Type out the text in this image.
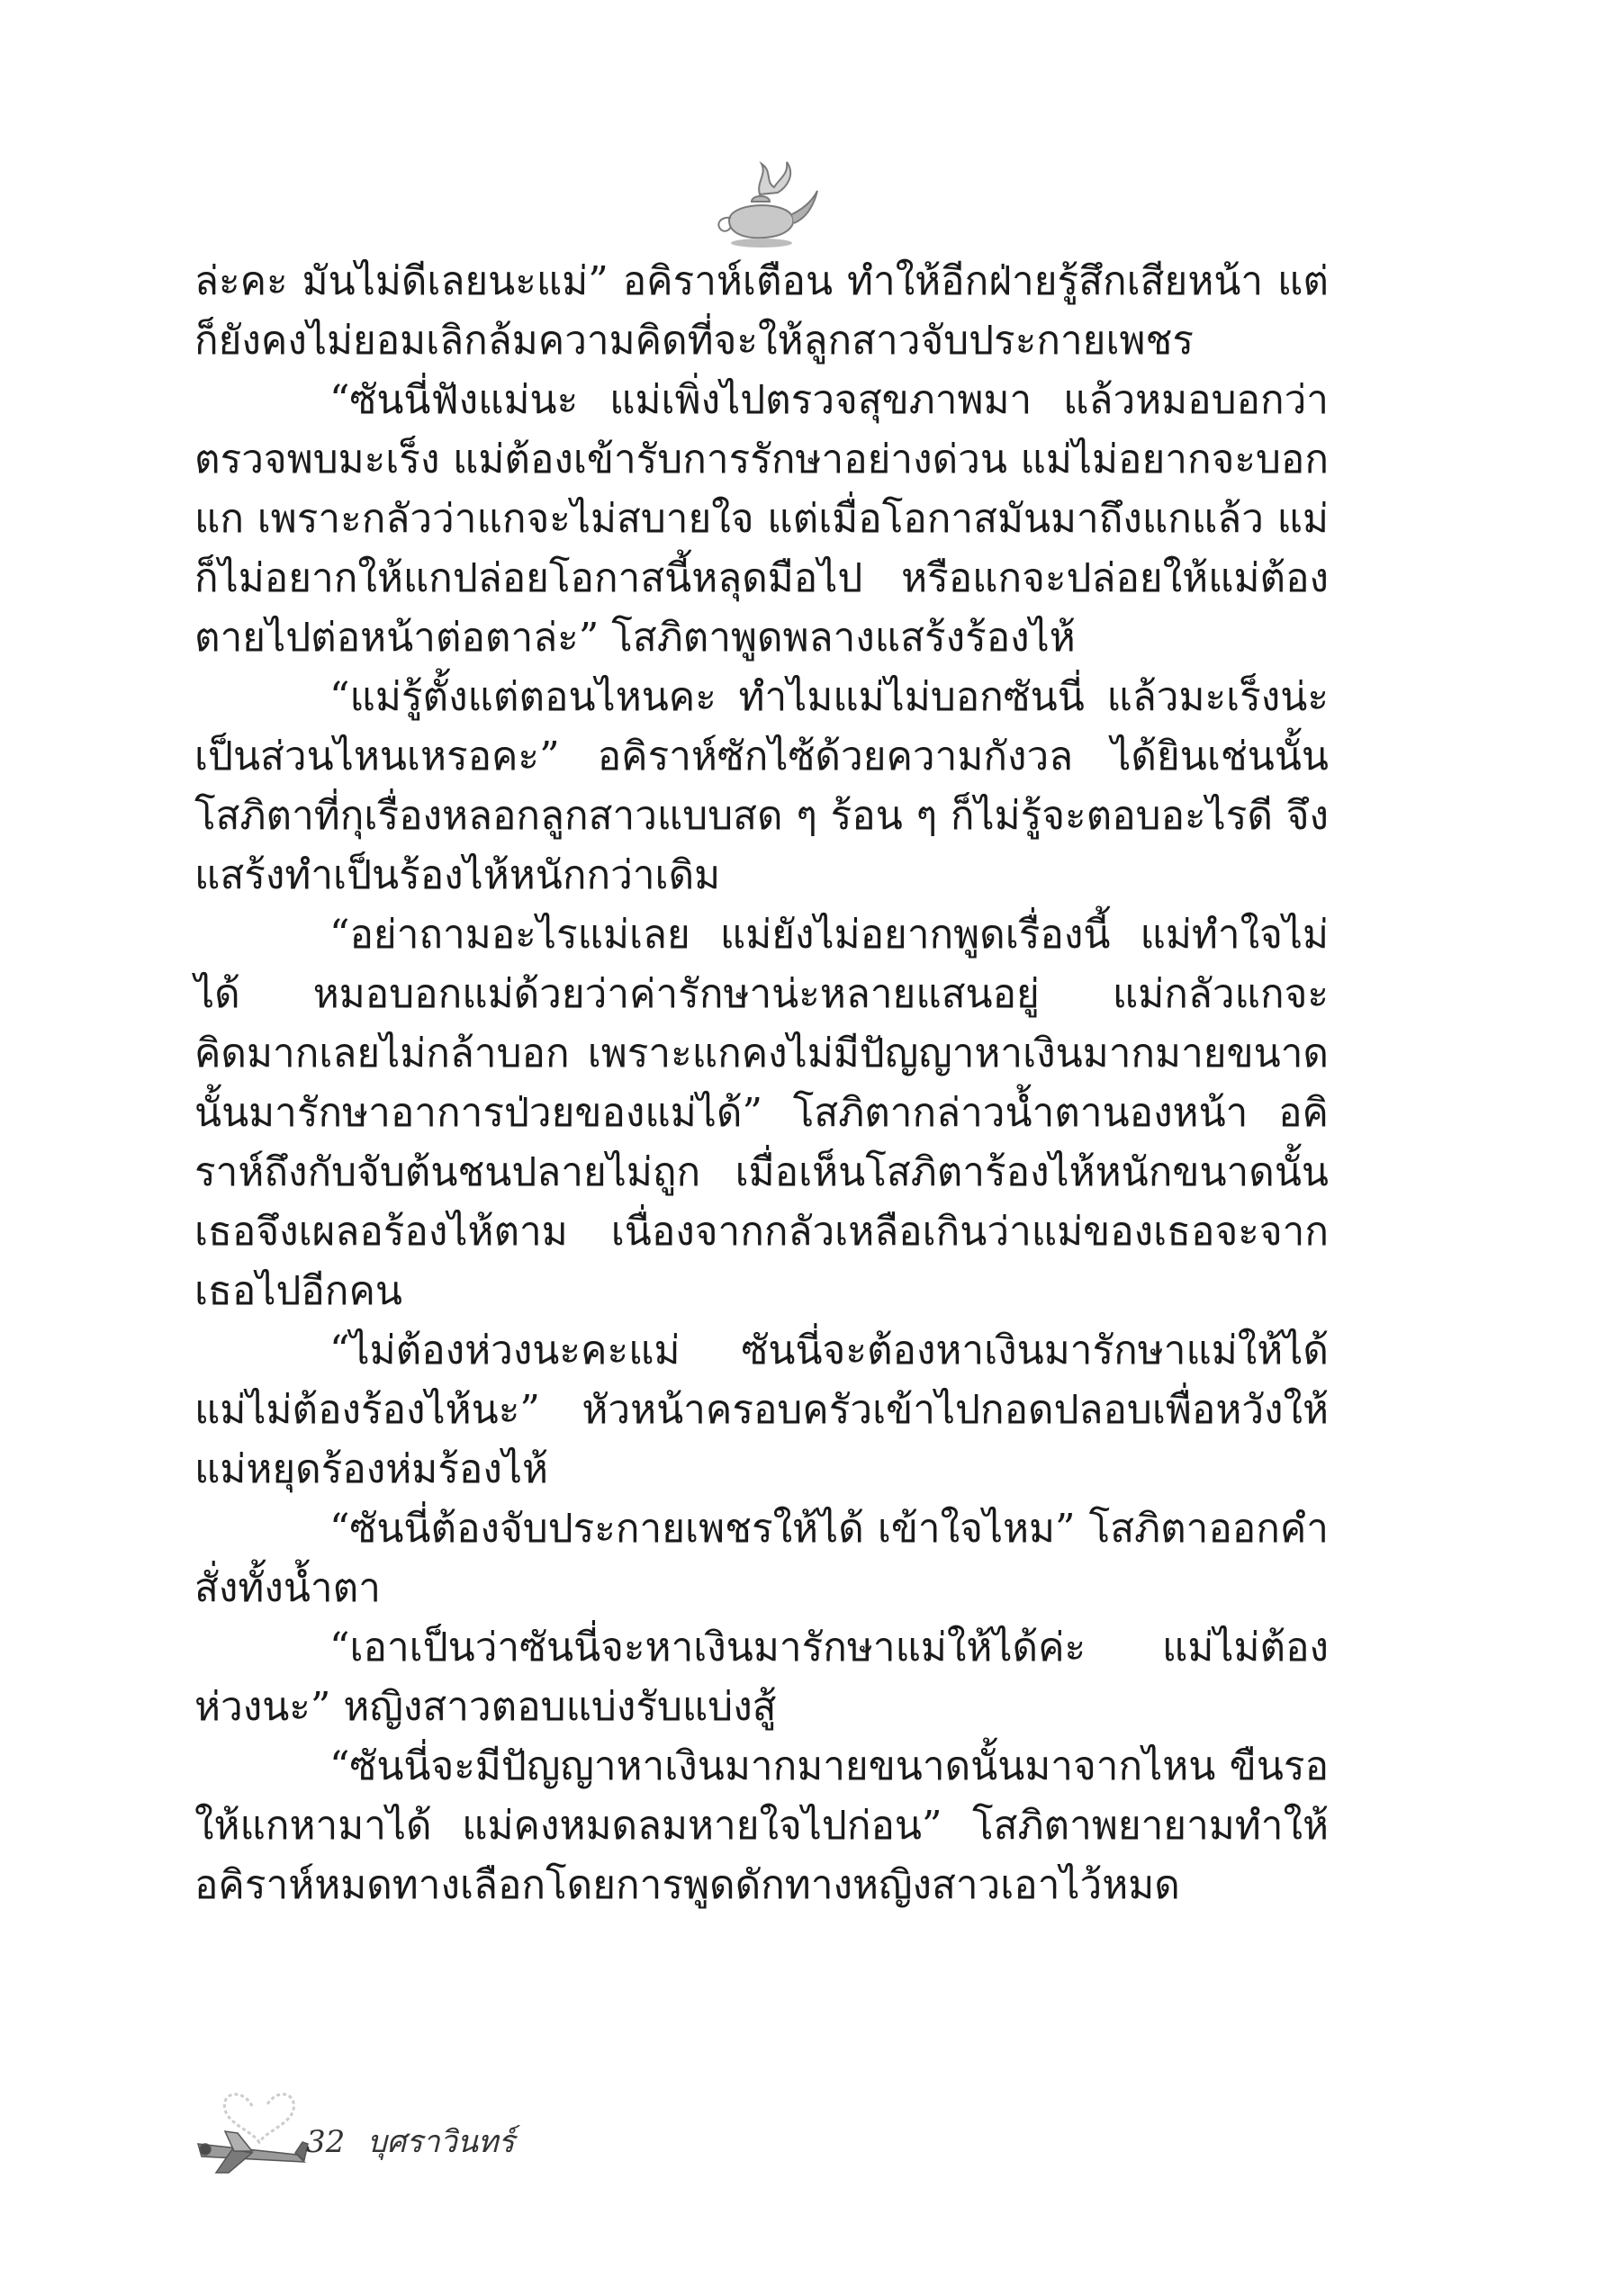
ล่ะคะ มันไม่ดีเลยนะแม่” อคิราห์เตือน ทำให้อีกฝ่ายรู้สึกเสียหน้า แต่ก็ยังคงไม่ยอมเลิกล้มความคิดที่จะให้ลูกสาวจับประกายเพชร

“ซันนี่ฟังแม่นะ แม่เพิ่งไปตรวจสุขภาพมา แล้วหมอบอกว่าตรวจพบมะเร็ง แม่ต้องเข้ารับการรักษาอย่างด่วน แม่ไม่อยากจะบอกแก เพราะกลัวว่าแกจะไม่สบายใจ แต่เมื่อโอกาสมันมาถึงแกแล้ว แม่ก็ไม่อยากให้แกปล่อยโอกาสนี้หลุดมือไป หรือแกจะปล่อยให้แม่ต้องตายไปต่อหน้าต่อตาล่ะ” โสภิตาพูดพลางแสร้งร้องไห้

“แม่รู้ตั้งแต่ตอนไหนคะ ทำไมแม่ไม่บอกซันนี่ แล้วมะเร็งน่ะเป็นส่วนไหนเหรอคะ” อคิราห์ซักไซ้ด้วยความกังวล ได้ยินเช่นนั้น โสภิตาที่กุเรื่องหลอกลูกสาวแบบสด ๆ ร้อน ๆ ก็ไม่รู้จะตอบอะไรดี จึงแสร้งทำเป็นร้องไห้หนักกว่าเดิม

“อย่าถามอะไรแม่เลย แม่ยังไม่อยากพูดเรื่องนี้ แม่ทำใจไม่ได้ หมอบอกแม่ด้วยว่าค่ารักษาน่ะหลายแสนอยู่ แม่กลัวแกจะคิดมากเลยไม่กล้าบอก เพราะแกคงไม่มีปัญญาหาเงินมากมายขนาดนั้นมารักษาอาการป่วยของแม่ได้” โสภิตากล่าวน้ำตานองหน้า อคิราห์ถึงกับจับต้นชนปลายไม่ถูก เมื่อเห็นโสภิตาร้องไห้หนักขนาดนั้น เธอจึงเผลอร้องไห้ตาม เนื่องจากกลัวเหลือเกินว่าแม่ของเธอจะจากเธอไปอีกคน

“ไม่ต้องห่วงนะคะแม่ ซันนี่จะต้องหาเงินมารักษาแม่ให้ได้ แม่ไม่ต้องร้องไห้นะ” หัวหน้าครอบครัวเข้าไปกอดปลอบเพื่อหวังให้แม่หยุดร้องห่มร้องไห้

“ซันนี่ต้องจับประกายเพชรให้ได้ เข้าใจไหม” โสภิตาออกคำสั่งทั้งน้ำตา

“เอาเป็นว่าซันนี่จะหาเงินมารักษาแม่ให้ได้ค่ะ แม่ไม่ต้องห่วงนะ” หญิงสาวตอบแบ่งรับแบ่งสู้

“ซันนี่จะมีปัญญาหาเงินมากมายขนาดนั้นมาจากไหน ขืนรอให้แกหามาได้ แม่คงหมดลมหายใจไปก่อน” โสภิตาพยายามทำให้อคิราห์หมดทางเลือกโดยการพูดดักทางหญิงสาวเอาไว้หมด

32 บุศราวินทร์
